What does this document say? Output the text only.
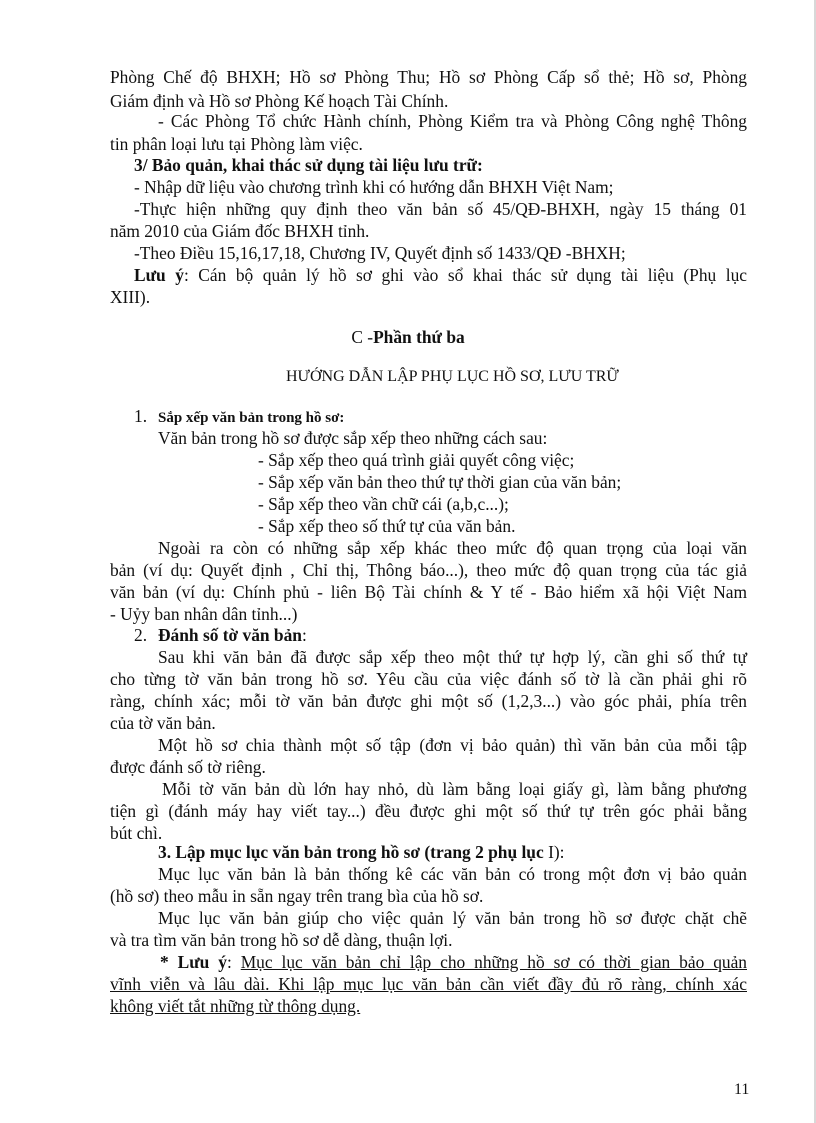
Phòng Chế độ BHXH; Hồ sơ Phòng Thu; Hồ sơ Phòng Cấp sổ thẻ; Hồ sơ, Phòng
Giám định và Hồ sơ Phòng Kế hoạch Tài Chính.
- Các Phòng Tổ chức Hành chính, Phòng Kiểm tra và Phòng Công nghệ Thông
tin phân loại lưu tại Phòng làm việc.
3/ Bảo quản, khai thác sử dụng tài liệu lưu trữ:
- Nhập dữ liệu vào chương trình khi có hướng dẫn BHXH Việt Nam;
-Thực hiện những quy định theo văn bản số 45/QĐ-BHXH, ngày 15 tháng 01
năm 2010 của Giám đốc BHXH tỉnh.
-Theo Điều 15,16,17,18, Chương IV, Quyết định số 1433/QĐ -BHXH;
Lưu ý: Cán bộ quản lý hồ sơ ghi vào sổ khai thác sử dụng tài liệu (Phụ lục
XIII).
C -Phần thứ ba
HƯỚNG DẪN LẬP PHỤ LỤC HỒ SƠ, LƯU TRỮ
1. Sắp xếp văn bản trong hồ sơ:
Văn bản trong hồ sơ được sắp xếp theo những cách sau:
- Sắp xếp theo quá trình giải quyết công việc;
- Sắp xếp văn bản theo thứ tự thời gian của văn bản;
- Sắp xếp theo vần chữ cái (a,b,c...);
- Sắp xếp theo số thứ tự của văn bản.
Ngoài ra còn có những sắp xếp khác theo mức độ quan trọng của loại văn
bản (ví dụ: Quyết định , Chỉ thị, Thông báo...), theo mức độ quan trọng của tác giả
văn bản (ví dụ: Chính phủ - liên Bộ Tài chính & Y tế - Bảo hiểm xã hội Việt Nam
- Uỷy ban nhân dân tỉnh...)
2. Đánh số tờ văn bản:
Sau khi văn bản đã được sắp xếp theo một thứ tự hợp lý, cần ghi số thứ tự
cho từng tờ văn bản trong hồ sơ. Yêu cầu của việc đánh số tờ là cần phải ghi rõ
ràng, chính xác; mỗi tờ văn bản được ghi một số (1,2,3...) vào góc phải, phía trên
của tờ văn bản.
Một hồ sơ chia thành một số tập (đơn vị bảo quản) thì văn bản của mỗi tập
được đánh số tờ riêng.
Mỗi tờ văn bản dù lớn hay nhỏ, dù làm bằng loại giấy gì, làm bằng phương
tiện gì (đánh máy hay viết tay...) đều được ghi một số thứ tự trên góc phải bằng
bút chì.
3. Lập mục lục văn bản trong hồ sơ (trang 2 phụ lục I):
Mục lục văn bản là bản thống kê các văn bản có trong một đơn vị bảo quản
(hồ sơ) theo mẫu in sẵn ngay trên trang bìa của hồ sơ.
Mục lục văn bản giúp cho việc quản lý văn bản trong hồ sơ được chặt chẽ
và tra tìm văn bản trong hồ sơ dễ dàng, thuận lợi.
* Lưu ý: Mục lục văn bản chỉ lập cho những hồ sơ có thời gian bảo quản
vĩnh viễn và lâu dài. Khi lập mục lục văn bản cần viết đầy đủ rõ ràng, chính xác
không viết tắt những từ thông dụng.
11
